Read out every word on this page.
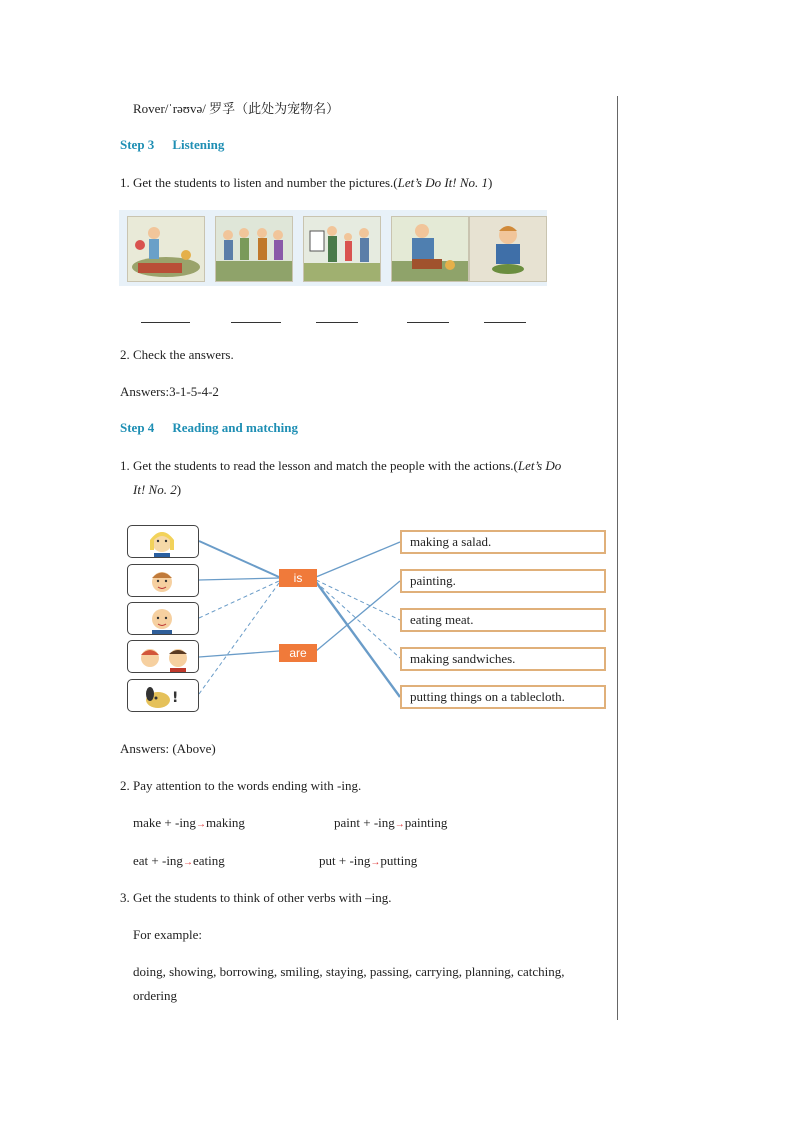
Rover/ˈrəʊvə/ 罗孚（此处为宠物名）
Step 3 Listening
1. Get the students to listen and number the pictures.(Let’s Do It! No. 1)
2. Check the answers.
Answers:3-1-5-4-2
Step 4 Reading and matching
1. Get the students to read the lesson and match the people with the actions.(Let’s Do
It! No. 2)
!
is
are
making a salad.
painting.
eating meat.
making sandwiches.
putting things on a tablecloth.
Answers: (Above)
2. Pay attention to the words ending with -ing.
make + -ing→making	paint + -ing→painting
eat + -ing→eating	put + -ing→putting
3. Get the students to think of other verbs with –ing.
For example:
doing, showing, borrowing, smiling, staying, passing, carrying, planning, catching,
ordering
